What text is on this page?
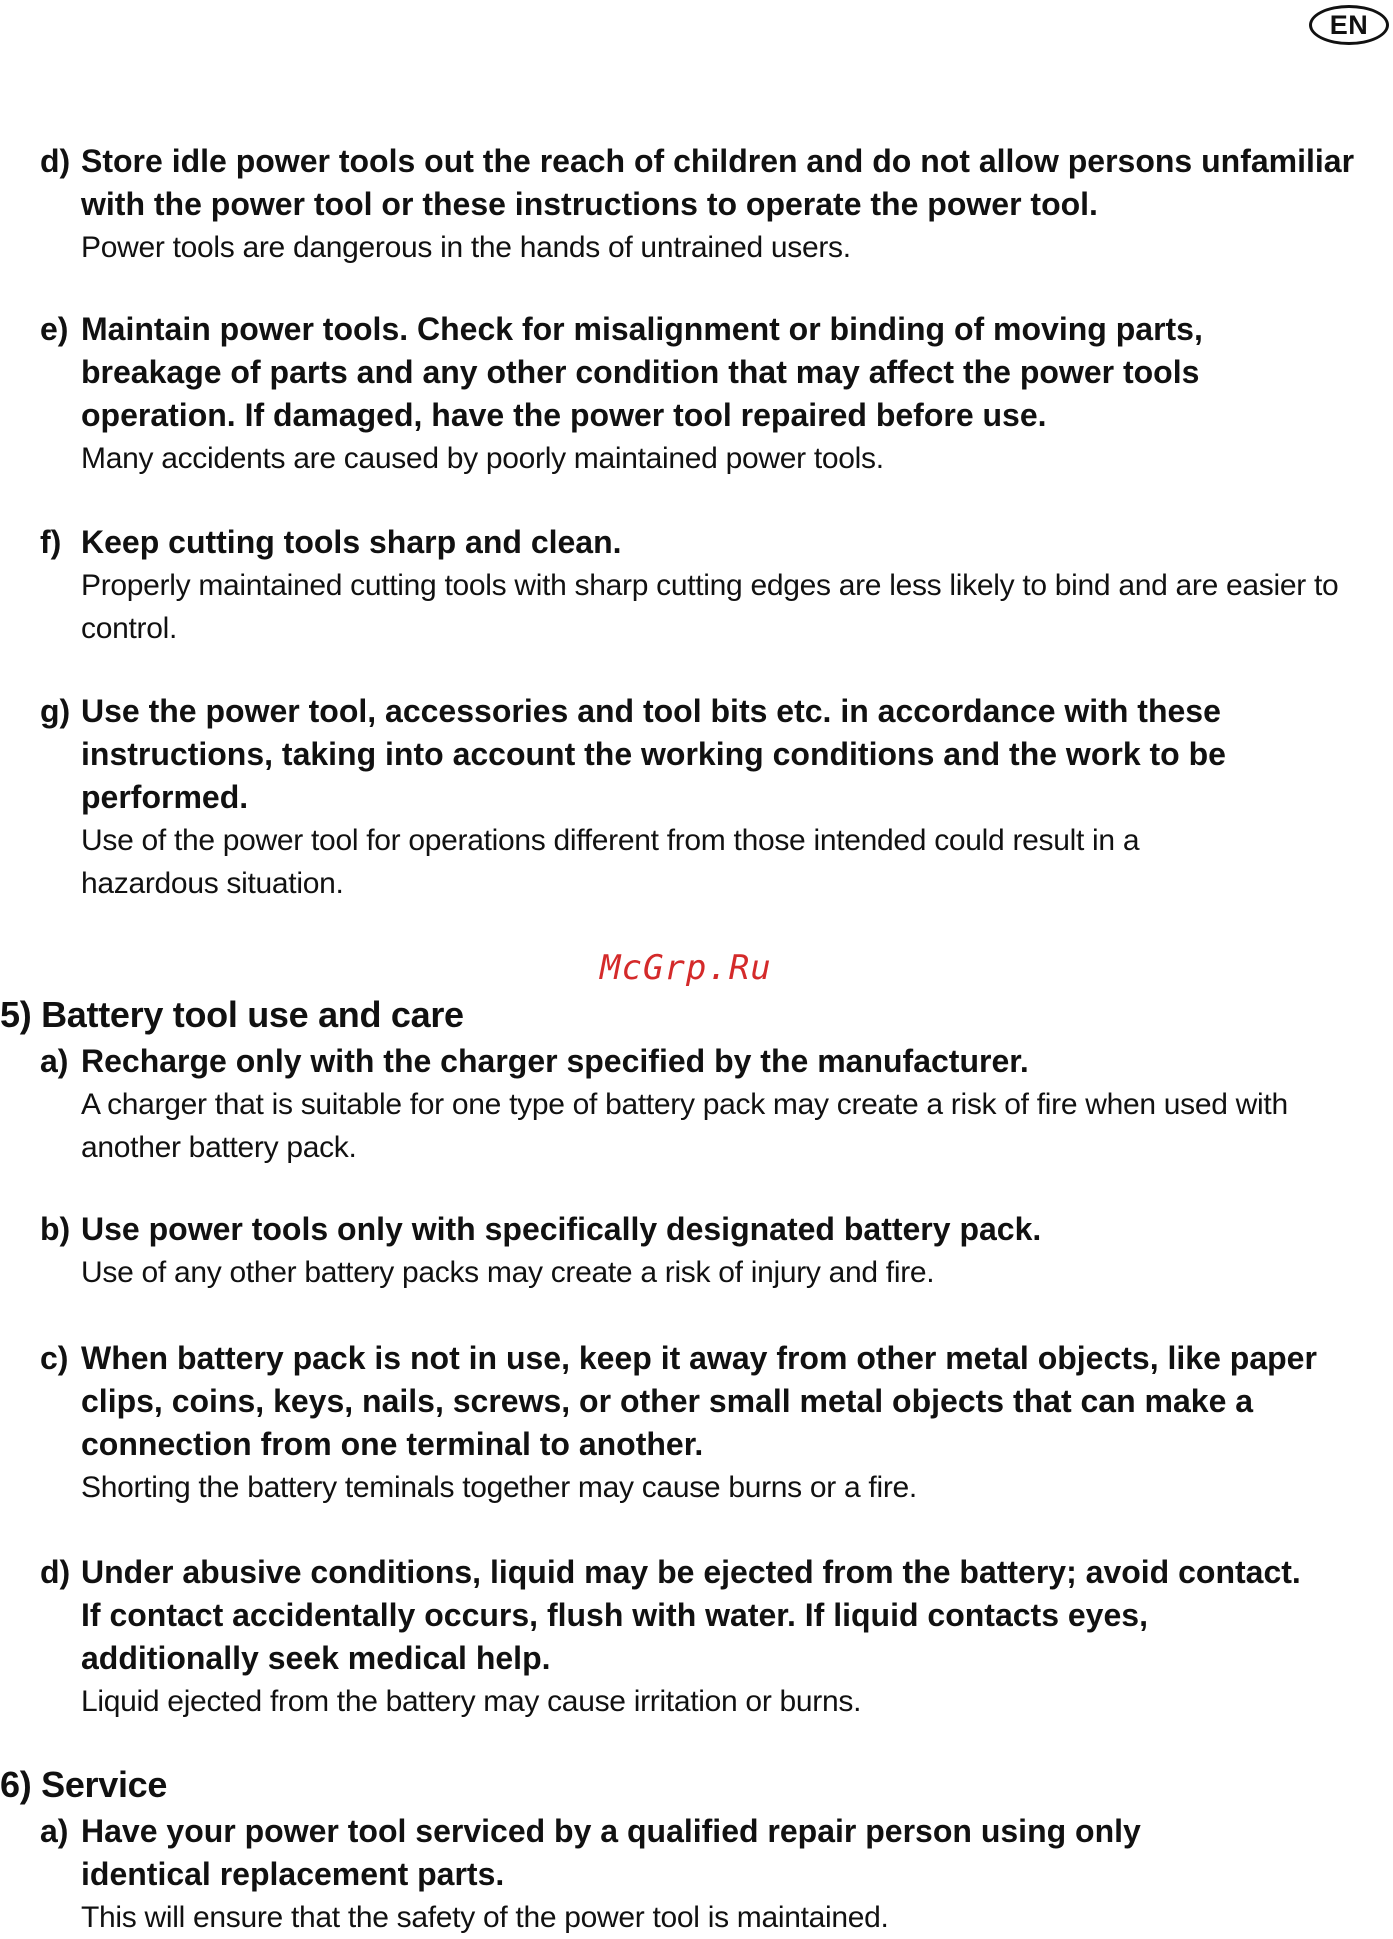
EN
d) Store idle power tools out the reach of children and do not allow persons unfamiliar with the power tool or these instructions to operate the power tool.
Power tools are dangerous in the hands of untrained users.
e) Maintain power tools. Check for misalignment or binding of moving parts, breakage of parts and any other condition that may affect the power tools operation. If damaged, have the power tool repaired before use.
Many accidents are caused by poorly maintained power tools.
f) Keep cutting tools sharp and clean.
Properly maintained cutting tools with sharp cutting edges are less likely to bind and are easier to control.
g) Use the power tool, accessories and tool bits etc. in accordance with these instructions, taking into account the working conditions and the work to be performed.
Use of the power tool for operations different from those intended could result in a hazardous situation.
McGrp.Ru
5) Battery tool use and care
a) Recharge only with the charger specified by the manufacturer.
A charger that is suitable for one type of battery pack may create a risk of fire when used with another battery pack.
b) Use power tools only with specifically designated battery pack.
Use of any other battery packs may create a risk of injury and fire.
c) When battery pack is not in use, keep it away from other metal objects, like paper clips, coins, keys, nails, screws, or other small metal objects that can make a connection from one terminal to another.
Shorting the battery teminals together may cause burns or a fire.
d) Under abusive conditions, liquid may be ejected from the battery; avoid contact. If contact accidentally occurs, flush with water. If liquid contacts eyes, additionally seek medical help.
Liquid ejected from the battery may cause irritation or burns.
6) Service
a) Have your power tool serviced by a qualified repair person using only identical replacement parts.
This will ensure that the safety of the power tool is maintained.
